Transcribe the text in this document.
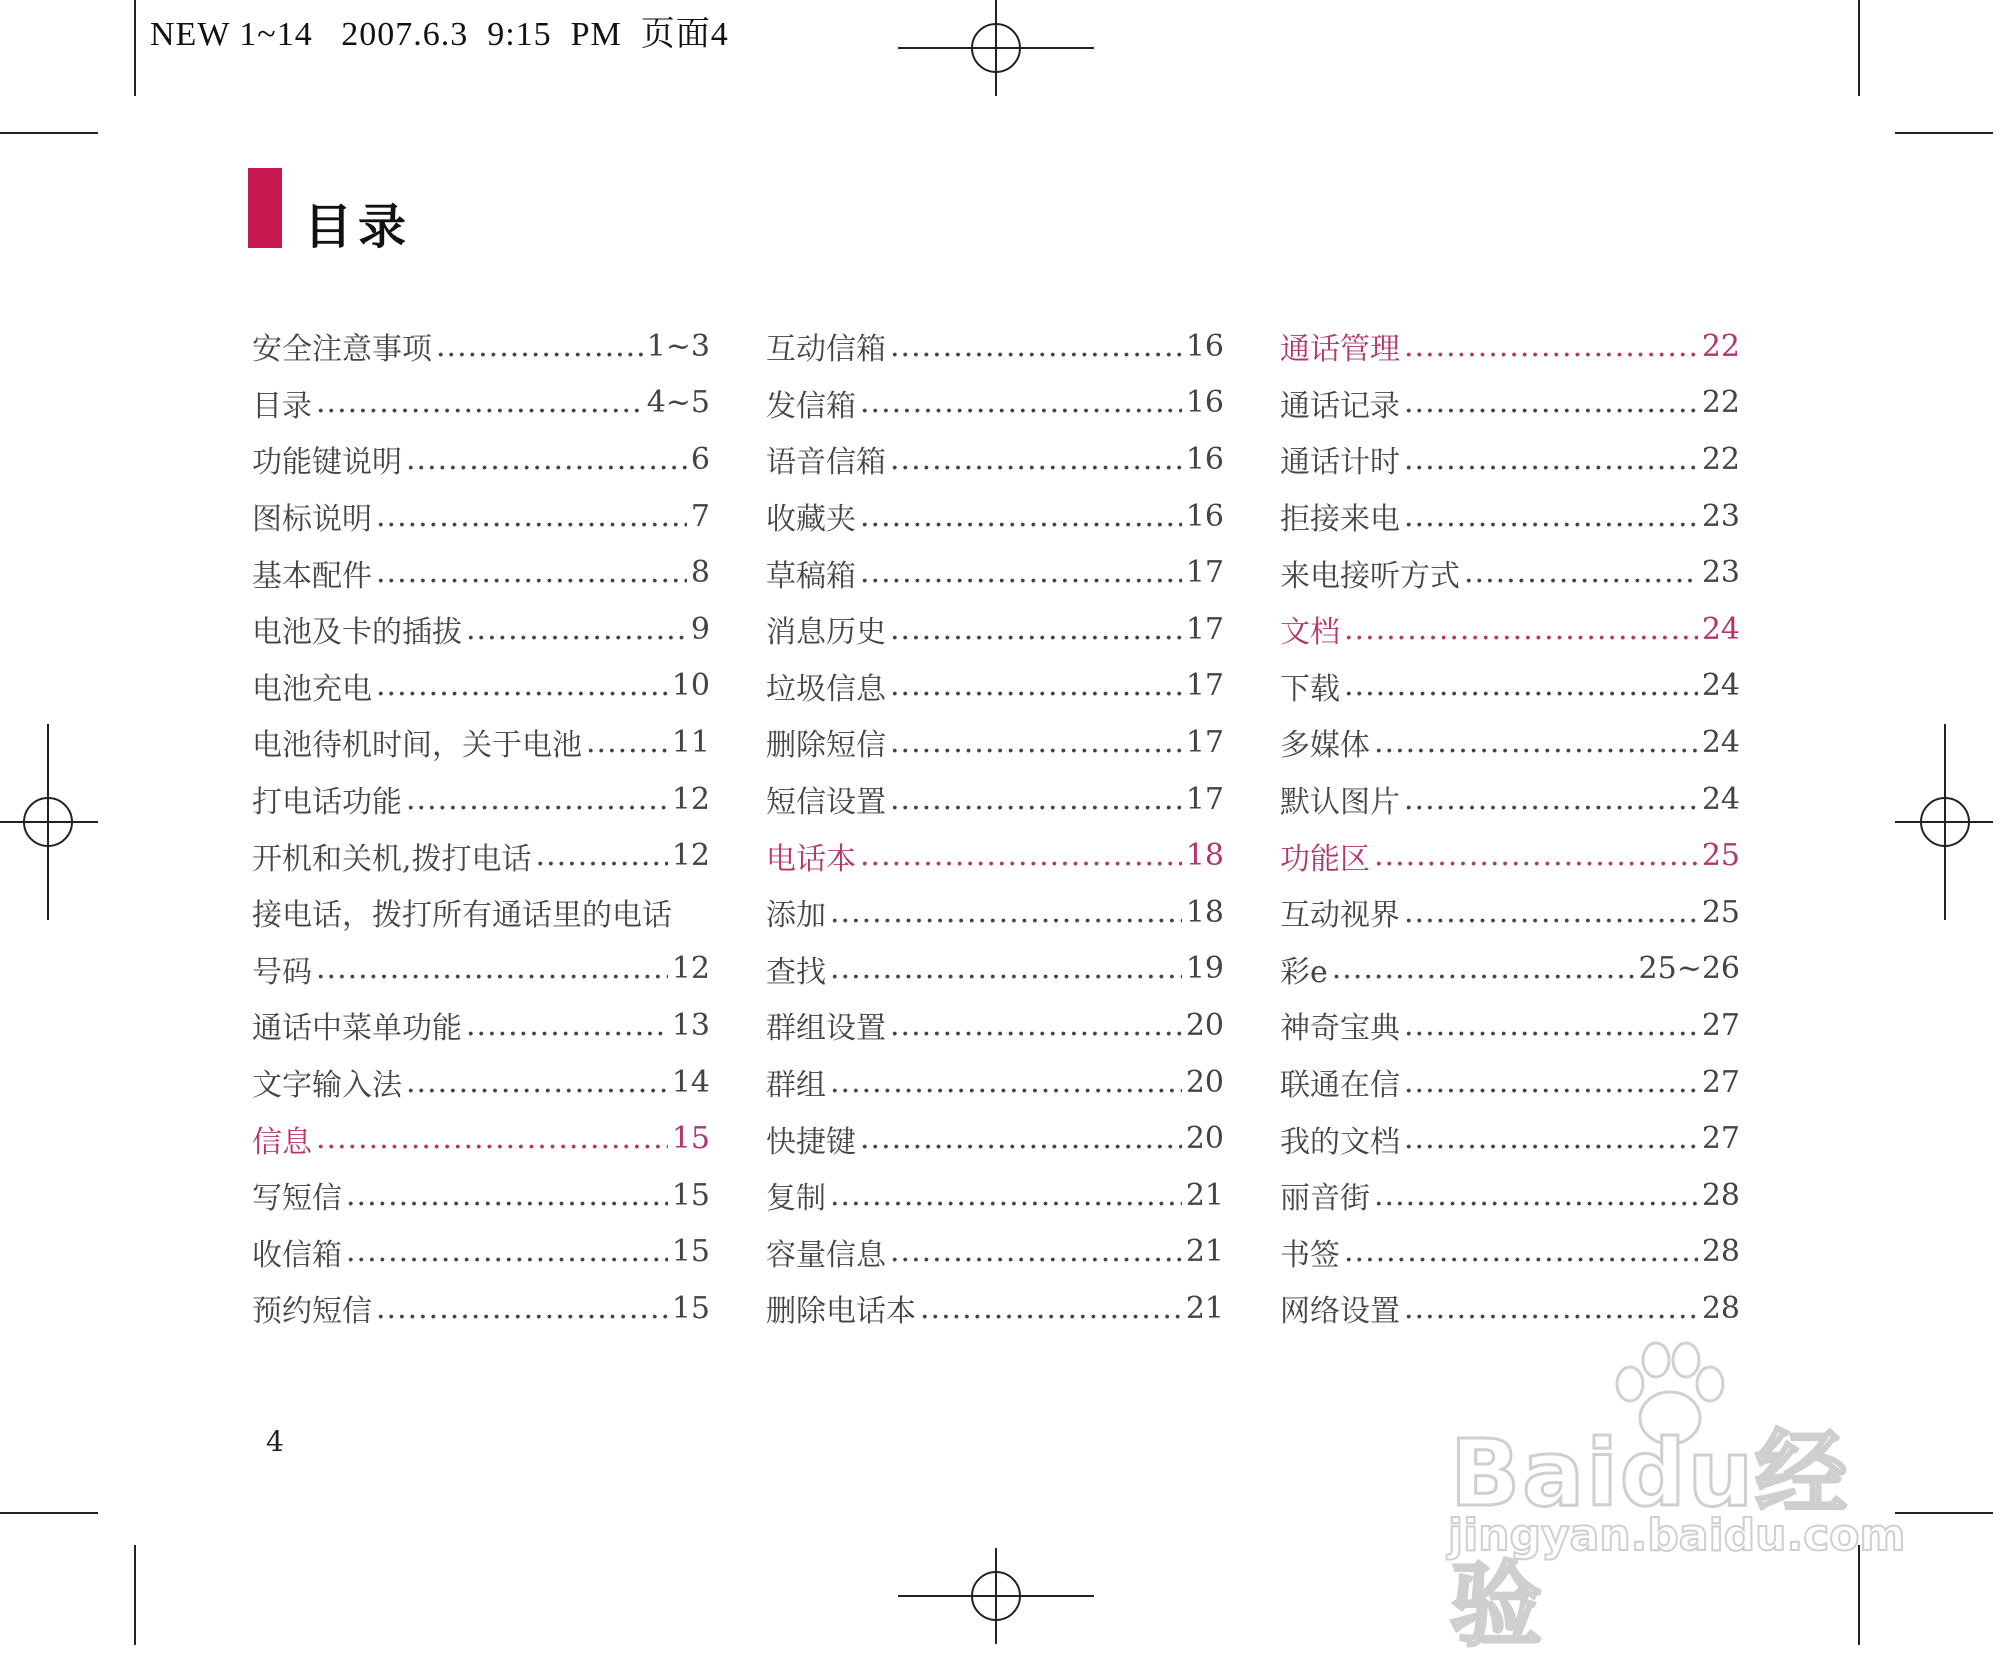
NEW 1~14   2007.6.3  9:15  PM  页面4
目录
安全注意事项 .....	1~3
目录 .....	4~5
功能键说明 .....	6
图标说明 .....	7
基本配件 .....	8
电池及卡的插拔 .....	9
电池充电 .....	10
电池待机时间，关于电池 .....	11
打电话功能 .....	12
开机和关机,拨打电话 .....	12
接电话，拨打所有通话里的电话
号码 .....	12
通话中菜单功能 .....	13
文字输入法 .....	14
信息 .....	15
写短信 .....	15
收信箱 .....	15
预约短信 .....	15
互动信箱 .....	16
发信箱 .....	16
语音信箱 .....	16
收藏夹 .....	16
草稿箱 .....	17
消息历史 .....	17
垃圾信息 .....	17
删除短信 .....	17
短信设置 .....	17
电话本 .....	18
添加 .....	18
查找 .....	19
群组设置 .....	20
群组 .....	20
快捷键 .....	20
复制 .....	21
容量信息 .....	21
删除电话本 .....	21
通话管理 .....	22
通话记录 .....	22
通话计时 .....	22
拒接来电 .....	23
来电接听方式 .....	23
文档 .....	24
下载 .....	24
多媒体 .....	24
默认图片 .....	24
功能区 .....	25
互动视界 .....	25
彩e .....	25~26
神奇宝典 .....	27
联通在信 .....	27
我的文档 .....	27
丽音街 .....	28
书签 .....	28
网络设置 .....	28
4	Baidu经验
jingyan.baidu.com
